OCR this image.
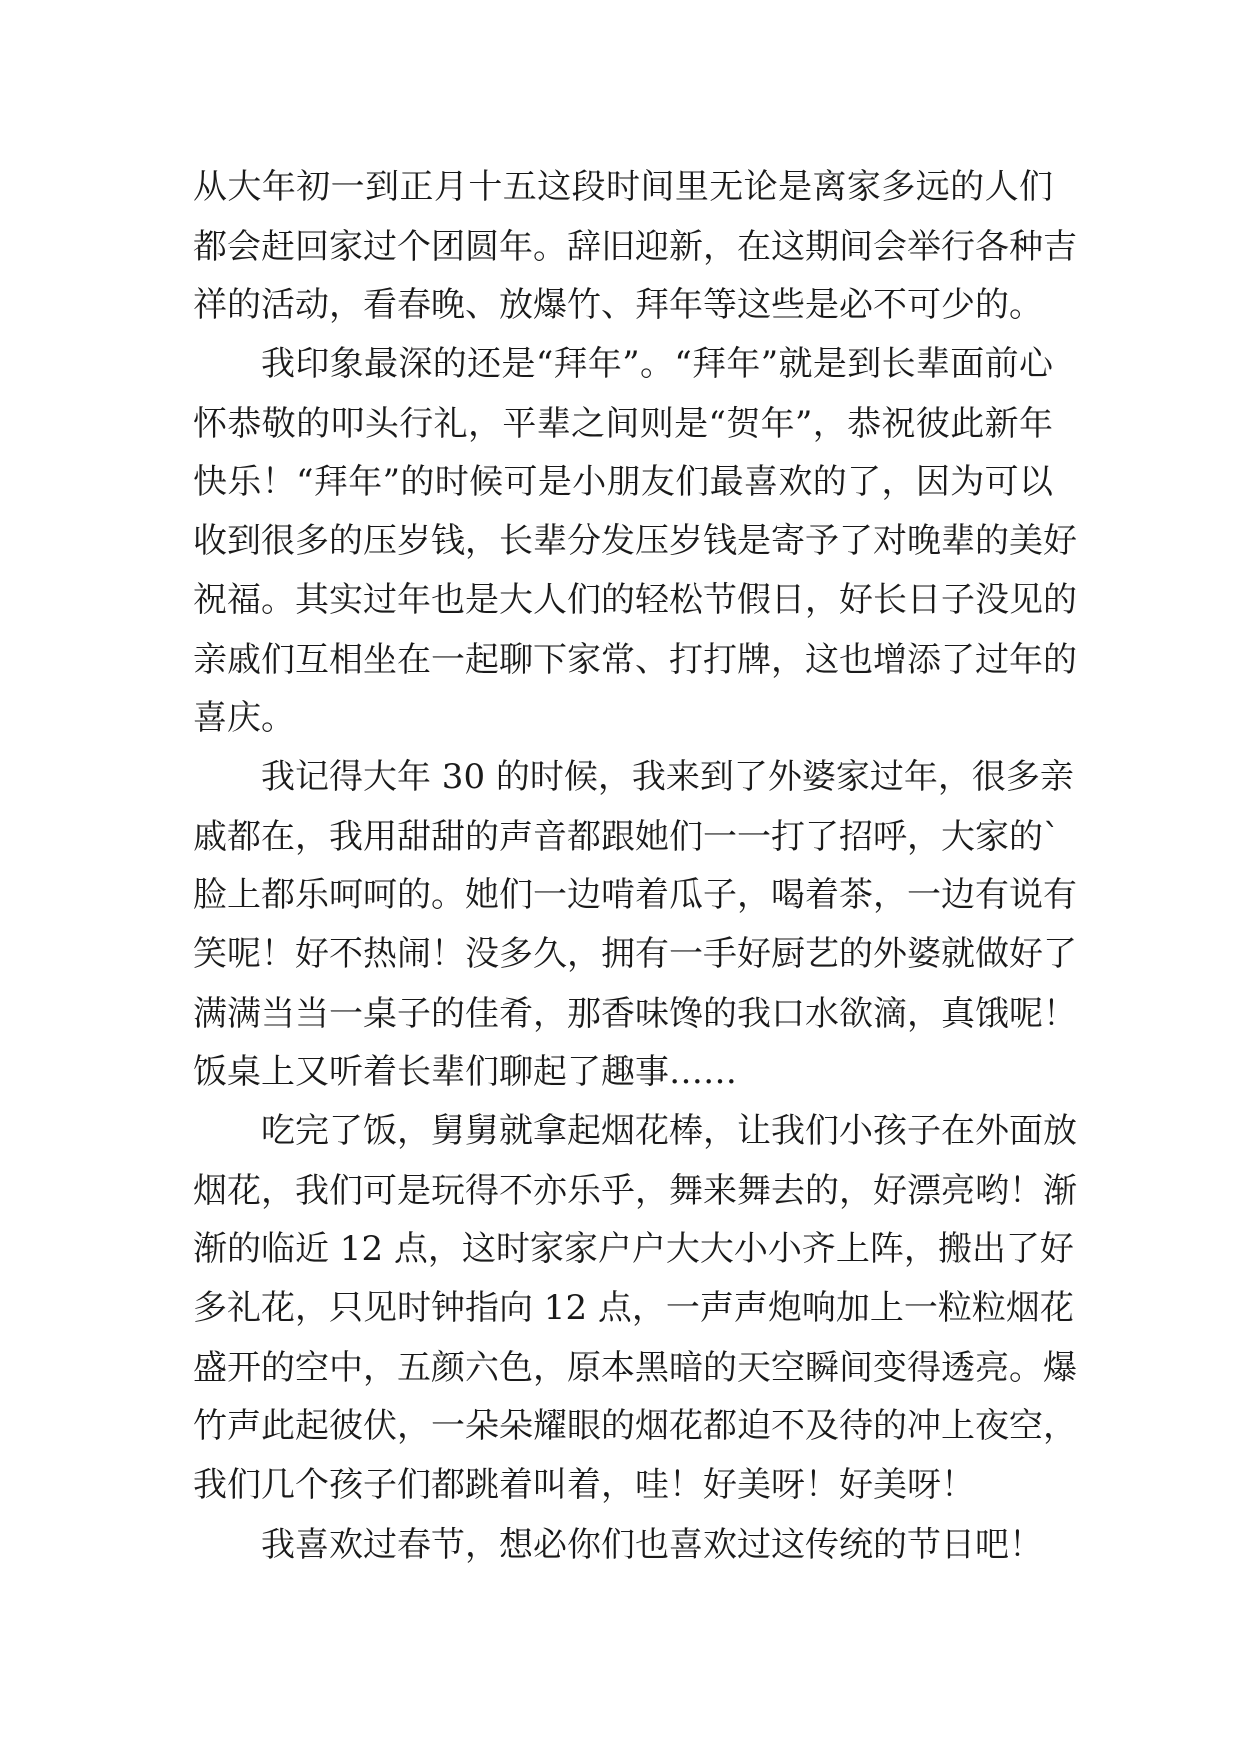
从大年初一到正月十五这段时间里无论是离家多远的人们

都会赶回家过个团圆年。辞旧迎新，在这期间会举行各种吉

祥的活动，看春晚、放爆竹、拜年等这些是必不可少的。

我印象最深的还是“拜年”。“拜年”就是到长辈面前心

怀恭敬的叩头行礼，平辈之间则是“贺年”，恭祝彼此新年

快乐！“拜年”的时候可是小朋友们最喜欢的了，因为可以

收到很多的压岁钱，长辈分发压岁钱是寄予了对晚辈的美好

祝福。其实过年也是大人们的轻松节假日，好长日子没见的

亲戚们互相坐在一起聊下家常、打打牌，这也增添了过年的

喜庆。

我记得大年 30 的时候，我来到了外婆家过年，很多亲

戚都在，我用甜甜的声音都跟她们一一打了招呼，大家的`

脸上都乐呵呵的。她们一边啃着瓜子，喝着茶，一边有说有

笑呢！好不热闹！没多久，拥有一手好厨艺的外婆就做好了

满满当当一桌子的佳肴，那香味馋的我口水欲滴，真饿呢！

饭桌上又听着长辈们聊起了趣事……

吃完了饭，舅舅就拿起烟花棒，让我们小孩子在外面放

烟花，我们可是玩得不亦乐乎，舞来舞去的，好漂亮哟！渐

渐的临近 12 点，这时家家户户大大小小齐上阵，搬出了好

多礼花，只见时钟指向 12 点，一声声炮响加上一粒粒烟花

盛开的空中，五颜六色，原本黑暗的天空瞬间变得透亮。爆

竹声此起彼伏，一朵朵耀眼的烟花都迫不及待的冲上夜空，

我们几个孩子们都跳着叫着，哇！好美呀！好美呀！

我喜欢过春节，想必你们也喜欢过这传统的节日吧！
